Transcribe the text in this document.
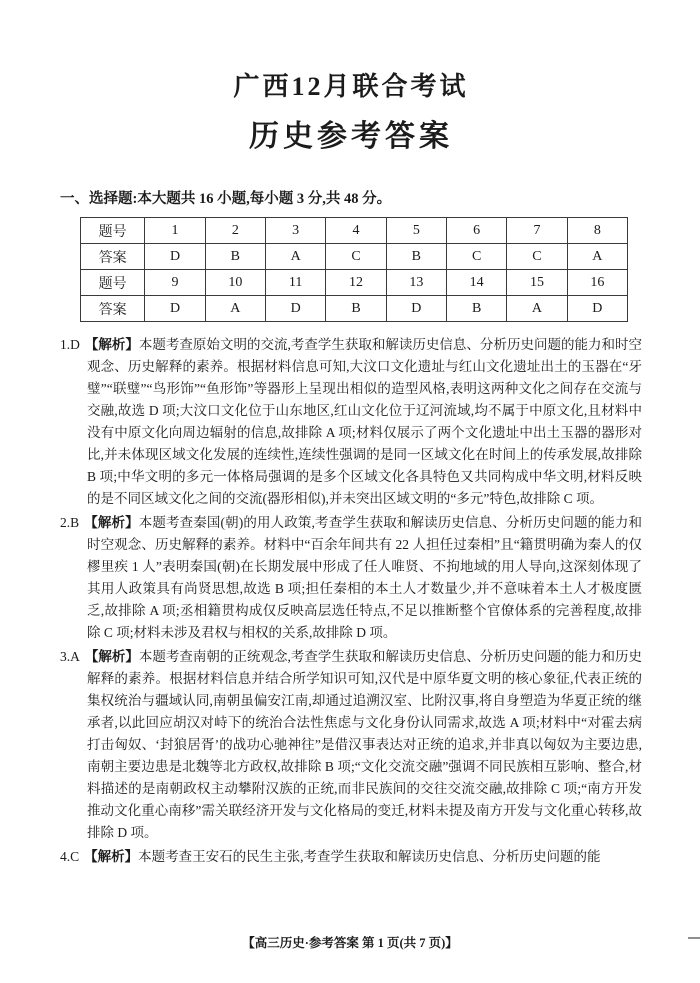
广西12月联合考试
历史参考答案
一、选择题:本大题共 16 小题,每小题 3 分,共 48 分。
题号	1	2	3	4	5	6	7	8
答案	D	B	A	C	B	C	C	A
题号	9	10	11	12	13	14	15	16
答案	D	A	D	B	D	B	A	D

1.D 【解析】本题考查原始文明的交流,考查学生获取和解读历史信息、分析历史问题的能力和时空观念、历史解释的素养。根据材料信息可知,大汶口文化遗址与红山文化遗址出土的玉器在“牙璧”“联璧”“鸟形饰”“鱼形饰”等器形上呈现出相似的造型风格,表明这两种文化之间存在交流与交融,故选 D 项;大汶口文化位于山东地区,红山文化位于辽河流域,均不属于中原文化,且材料中没有中原文化向周边辐射的信息,故排除 A 项;材料仅展示了两个文化遗址中出土玉器的器形对比,并未体现区域文化发展的连续性,连续性强调的是同一区域文化在时间上的传承发展,故排除 B 项;中华文明的多元一体格局强调的是多个区域文化各具特色又共同构成中华文明,材料反映的是不同区域文化之间的交流(器形相似),并未突出区域文明的“多元”特色,故排除 C 项。

2.B 【解析】本题考查秦国(朝)的用人政策,考查学生获取和解读历史信息、分析历史问题的能力和时空观念、历史解释的素养。材料中“百余年间共有 22 人担任过秦相”且“籍贯明确为秦人的仅樛里疾 1 人”表明秦国(朝)在长期发展中形成了任人唯贤、不拘地域的用人导向,这深刻体现了其用人政策具有尚贤思想,故选 B 项;担任秦相的本土人才数量少,并不意味着本土人才极度匮乏,故排除 A 项;丞相籍贯构成仅反映高层选任特点,不足以推断整个官僚体系的完善程度,故排除 C 项;材料未涉及君权与相权的关系,故排除 D 项。

3.A 【解析】本题考查南朝的正统观念,考查学生获取和解读历史信息、分析历史问题的能力和历史解释的素养。根据材料信息并结合所学知识可知,汉代是中原华夏文明的核心象征,代表正统的集权统治与疆域认同,南朝虽偏安江南,却通过追溯汉室、比附汉事,将自身塑造为华夏正统的继承者,以此回应胡汉对峙下的统治合法性焦虑与文化身份认同需求,故选 A 项;材料中“对霍去病打击匈奴、‘封狼居胥’的战功心驰神往”是借汉事表达对正统的追求,并非真以匈奴为主要边患,南朝主要边患是北魏等北方政权,故排除 B 项;“文化交流交融”强调不同民族相互影响、整合,材料描述的是南朝政权主动攀附汉族的正统,而非民族间的交往交流交融,故排除 C 项;“南方开发推动文化重心南移”需关联经济开发与文化格局的变迁,材料未提及南方开发与文化重心转移,故排除 D 项。

4.C 【解析】本题考查王安石的民生主张,考查学生获取和解读历史信息、分析历史问题的能

【高三历史·参考答案 第 1 页(共 7 页)】
